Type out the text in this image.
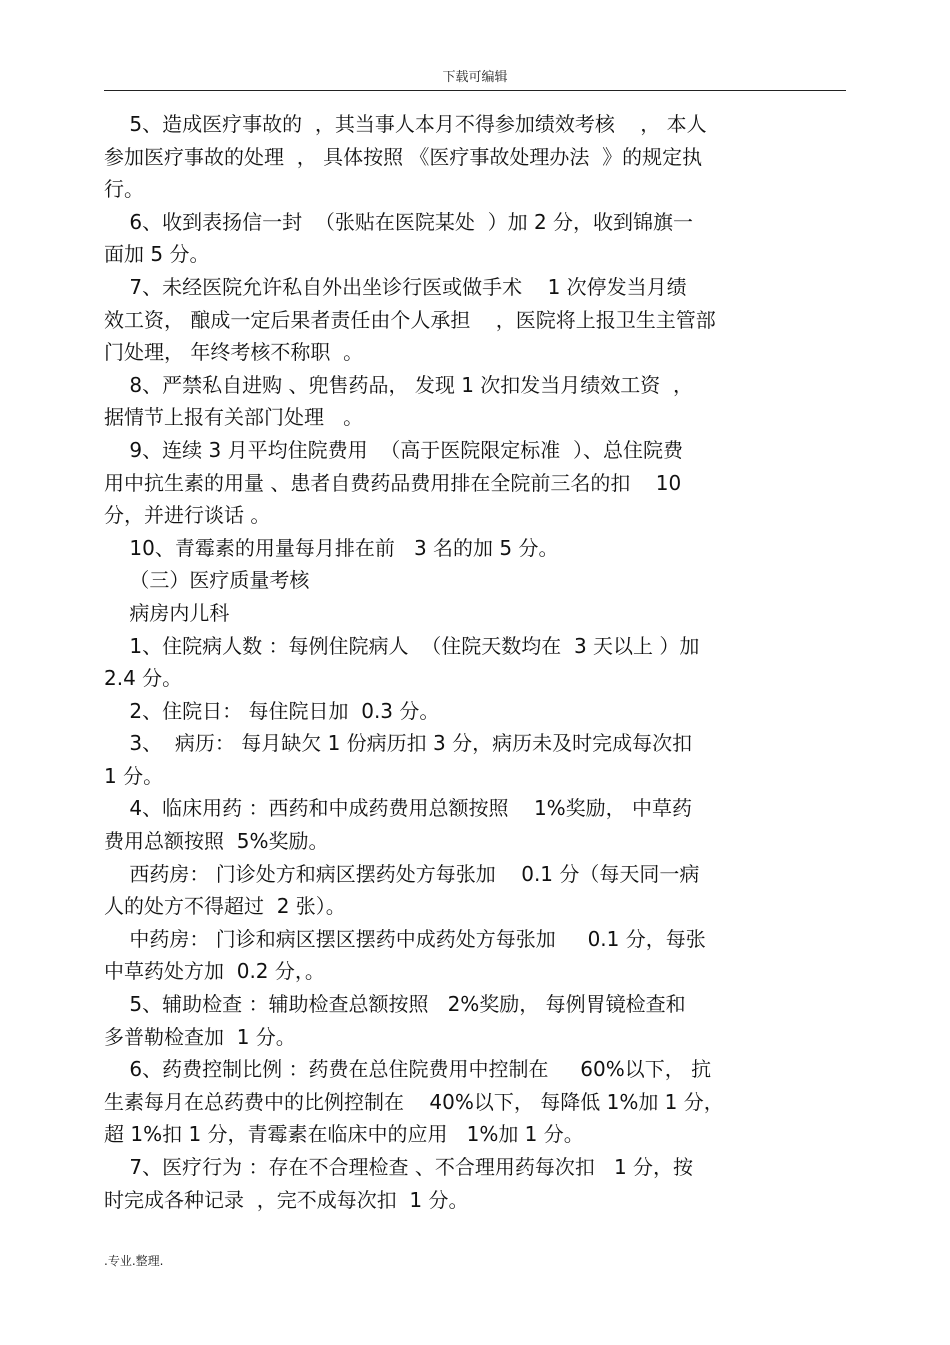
下载可编辑
5、造成医疗事故的  ，其当事人本月不得参加绩效考核    ， 本人
参加医疗事故的处理  ， 具体按照 《医疗事故处理办法  》的规定执
行。
6、收到表扬信一封  （张贴在医院某处  ）加 2 分，收到锦旗一
面加 5 分。
7、未经医院允许私自外出坐诊行医或做手术    1 次停发当月绩
效工资， 酿成一定后果者责任由个人承担    ，医院将上报卫生主管部
门处理， 年终考核不称职  。
8、严禁私自进购 、兜售药品， 发现 1 次扣发当月绩效工资  ，
据情节上报有关部门处理   。
9、连续 3 月平均住院费用  （高于医院限定标准  ）、总住院费
用中抗生素的用量 、患者自费药品费用排在全院前三名的扣    10
分，并进行谈话 。
10、青霉素的用量每月排在前   3 名的加 5 分。
（三）医疗质量考核
病房内儿科
1、住院病人数 ：每例住院病人  （住院天数均在  3 天以上 ）加
2.4 分。
2、住院日： 每住院日加  0.3 分。
3、  病历： 每月缺欠 1 份病历扣 3 分，病历未及时完成每次扣
1 分。
4、临床用药 ：西药和中成药费用总额按照    1%奖励， 中草药
费用总额按照  5%奖励。
西药房： 门诊处方和病区摆药处方每张加    0.1 分（每天同一病
人的处方不得超过  2 张）。
中药房： 门诊和病区摆区摆药中成药处方每张加     0.1 分，每张
中草药处方加  0.2 分，。
5、辅助检查 ：辅助检查总额按照   2%奖励， 每例胃镜检查和
多普勒检查加  1 分。
6、药费控制比例 ：药费在总住院费用中控制在     60%以下， 抗
生素每月在总药费中的比例控制在    40%以下， 每降低 1%加 1 分，
超 1%扣 1 分，青霉素在临床中的应用   1%加 1 分。
7、医疗行为 ：存在不合理检查 、不合理用药每次扣   1 分，按
时完成各种记录  ，完不成每次扣  1 分。
.专业.整理.
